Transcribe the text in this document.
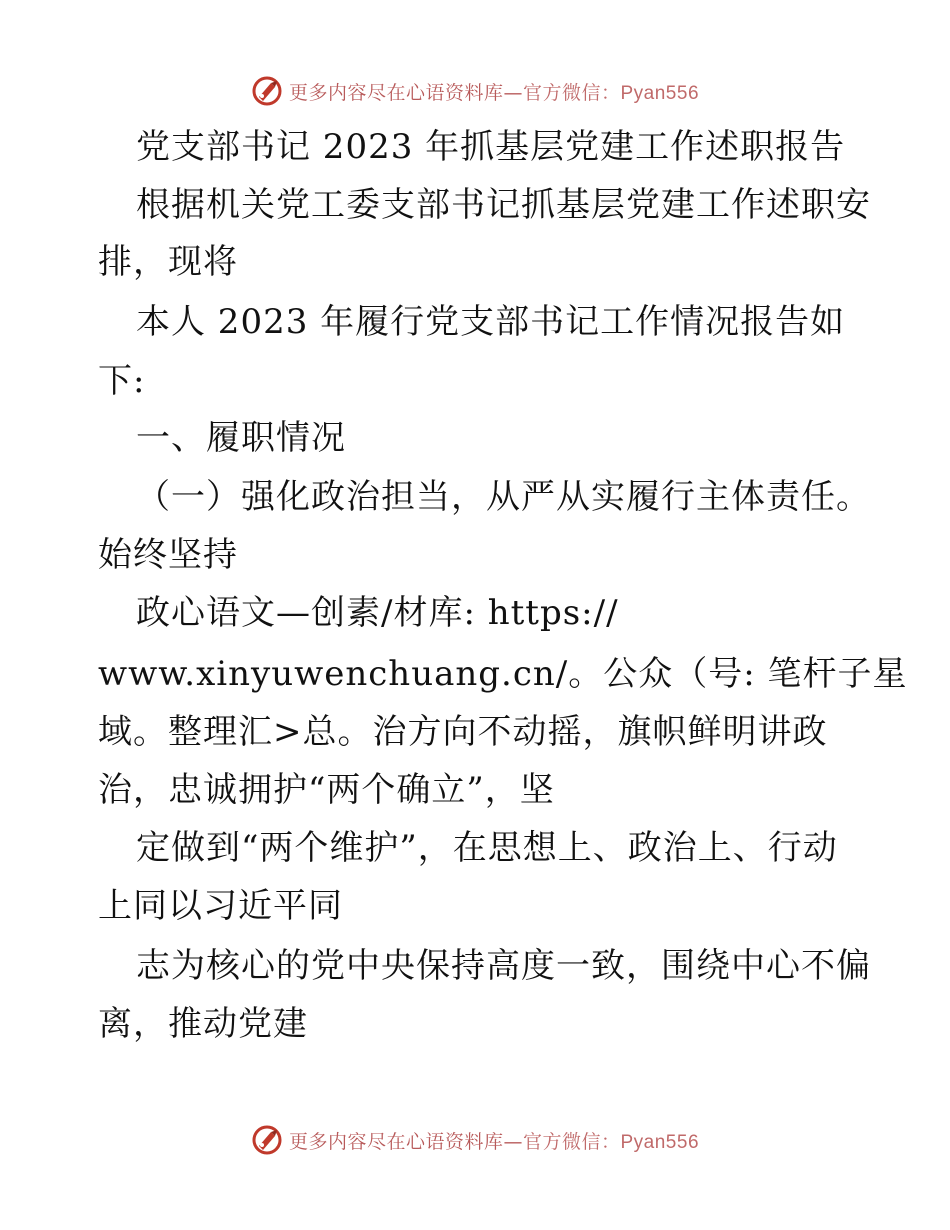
更多内容尽在心语资料库—官方微信：Pyan556
党支部书记 2023 年抓基层党建工作述职报告
根据机关党工委支部书记抓基层党建工作述职安
排，现将
本人 2023 年履行党支部书记工作情况报告如
下:
一、履职情况
（一）强化政治担当，从严从实履行主体责任。
始终坚持
政心语文—创素/材库: https://
www.xinyuwenchuang.cn/。公众（号: 笔杆子星
域。整理汇>总。治方向不动摇，旗帜鲜明讲政
治，忠诚拥护“两个确立”，坚
定做到“两个维护”，在思想上、政治上、行动
上同以习近平同
志为核心的党中央保持高度一致，围绕中心不偏
离，推动党建
更多内容尽在心语资料库—官方微信：Pyan556
